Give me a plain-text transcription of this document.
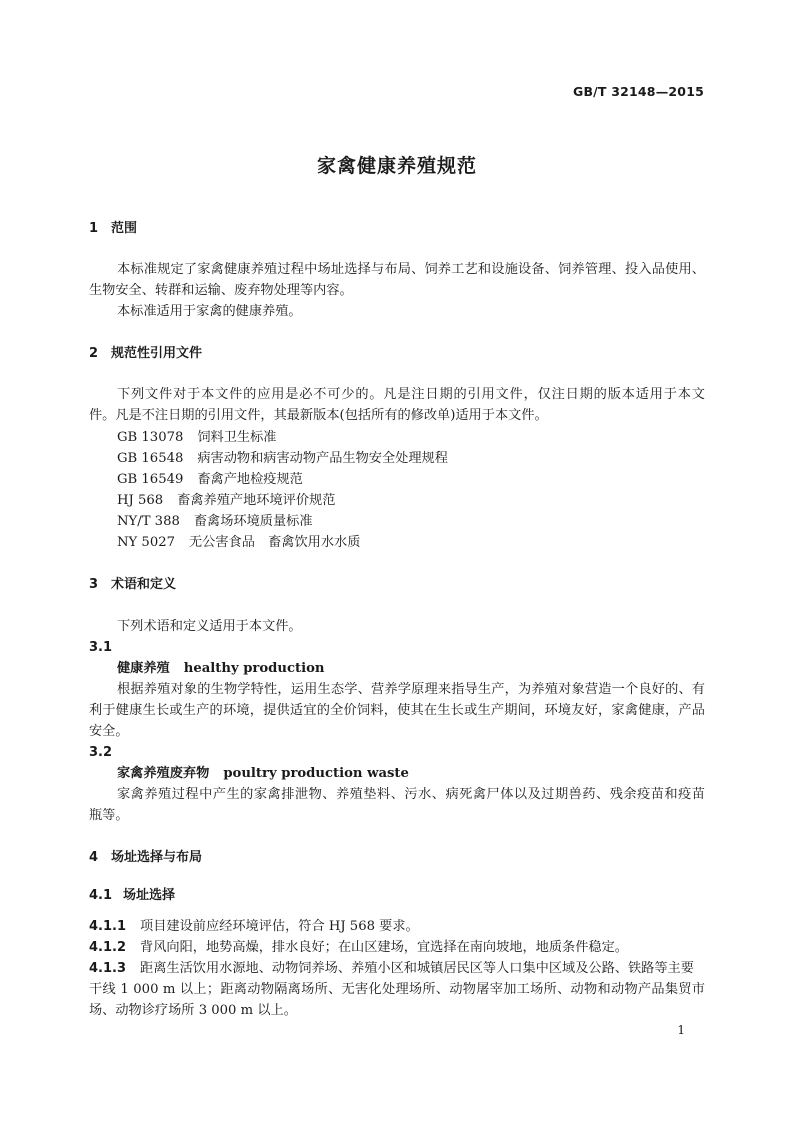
GB/T 32148—2015
家禽健康养殖规范
1 范围
本标准规定了家禽健康养殖过程中场址选择与布局、饲养工艺和设施设备、饲养管理、投入品使用、
生物安全、转群和运输、废弃物处理等内容。
本标准适用于家禽的健康养殖。
2 规范性引用文件
下列文件对于本文件的应用是必不可少的。凡是注日期的引用文件，仅注日期的版本适用于本文
件。凡是不注日期的引用文件，其最新版本(包括所有的修改单)适用于本文件。
GB 13078 饲料卫生标准
GB 16548 病害动物和病害动物产品生物安全处理规程
GB 16549 畜禽产地检疫规范
HJ 568 畜禽养殖产地环境评价规范
NY/T 388 畜禽场环境质量标准
NY 5027 无公害食品　畜禽饮用水水质
3 术语和定义
下列术语和定义适用于本文件。
3.1
健康养殖 healthy production
根据养殖对象的生物学特性，运用生态学、营养学原理来指导生产，为养殖对象营造一个良好的、有
利于健康生长或生产的环境，提供适宜的全价饲料，使其在生长或生产期间，环境友好，家禽健康，产品
安全。
3.2
家禽养殖废弃物 poultry production waste
家禽养殖过程中产生的家禽排泄物、养殖垫料、污水、病死禽尸体以及过期兽药、残余疫苗和疫苗
瓶等。
4 场址选择与布局
4.1 场址选择
4.1.1 项目建设前应经环境评估，符合 HJ 568 要求。
4.1.2 背风向阳，地势高燥，排水良好；在山区建场，宜选择在南向坡地，地质条件稳定。
4.1.3 距离生活饮用水源地、动物饲养场、养殖小区和城镇居民区等人口集中区域及公路、铁路等主要
干线 1 000 m 以上；距离动物隔离场所、无害化处理场所、动物屠宰加工场所、动物和动物产品集贸市
场、动物诊疗场所 3 000 m 以上。
1
